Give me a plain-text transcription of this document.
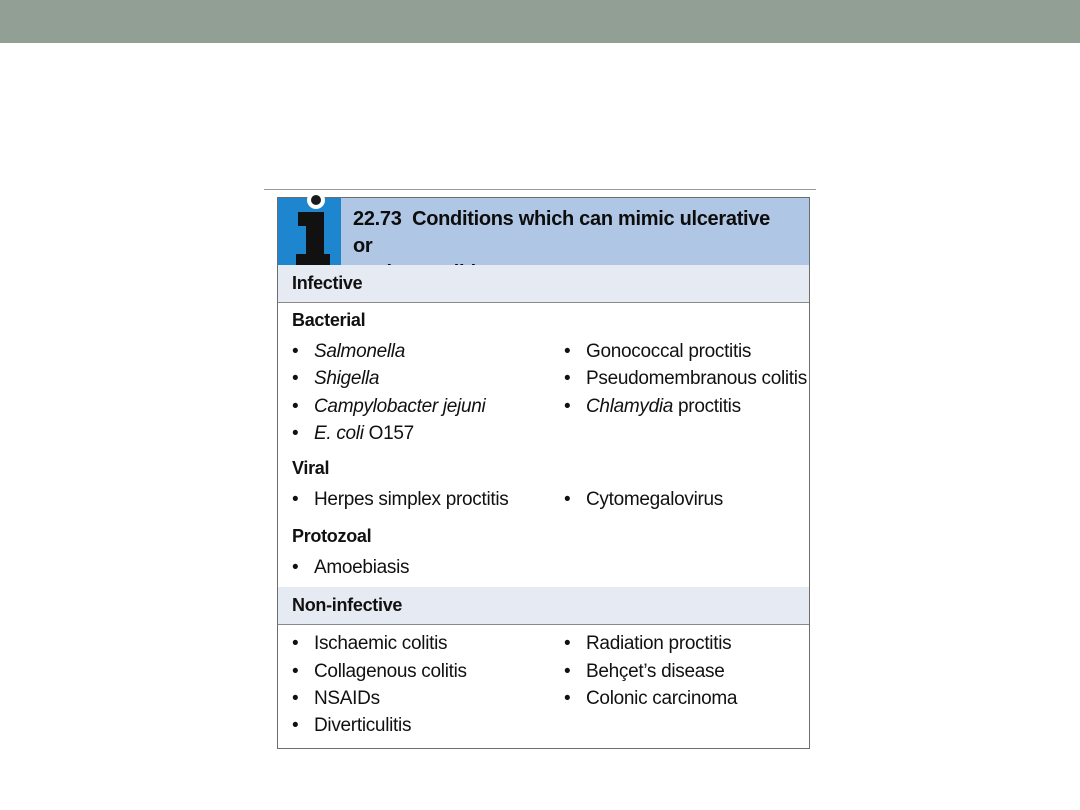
22.73 Conditions which can mimic ulcerative or
Infective
Bacterial
• Salmonella
• Shigella
• Campylobacter jejuni
• E. coli O157
• Gonococcal proctitis
• Pseudomembranous colitis
• Chlamydia proctitis
Viral
• Herpes simplex proctitis	• Cytomegalovirus
Protozoal
• Amoebiasis
Non-infective
• Ischaemic colitis
• Collagenous colitis
• NSAIDs
• Diverticulitis
• Radiation proctitis
• Behçet’s disease
• Colonic carcinoma
